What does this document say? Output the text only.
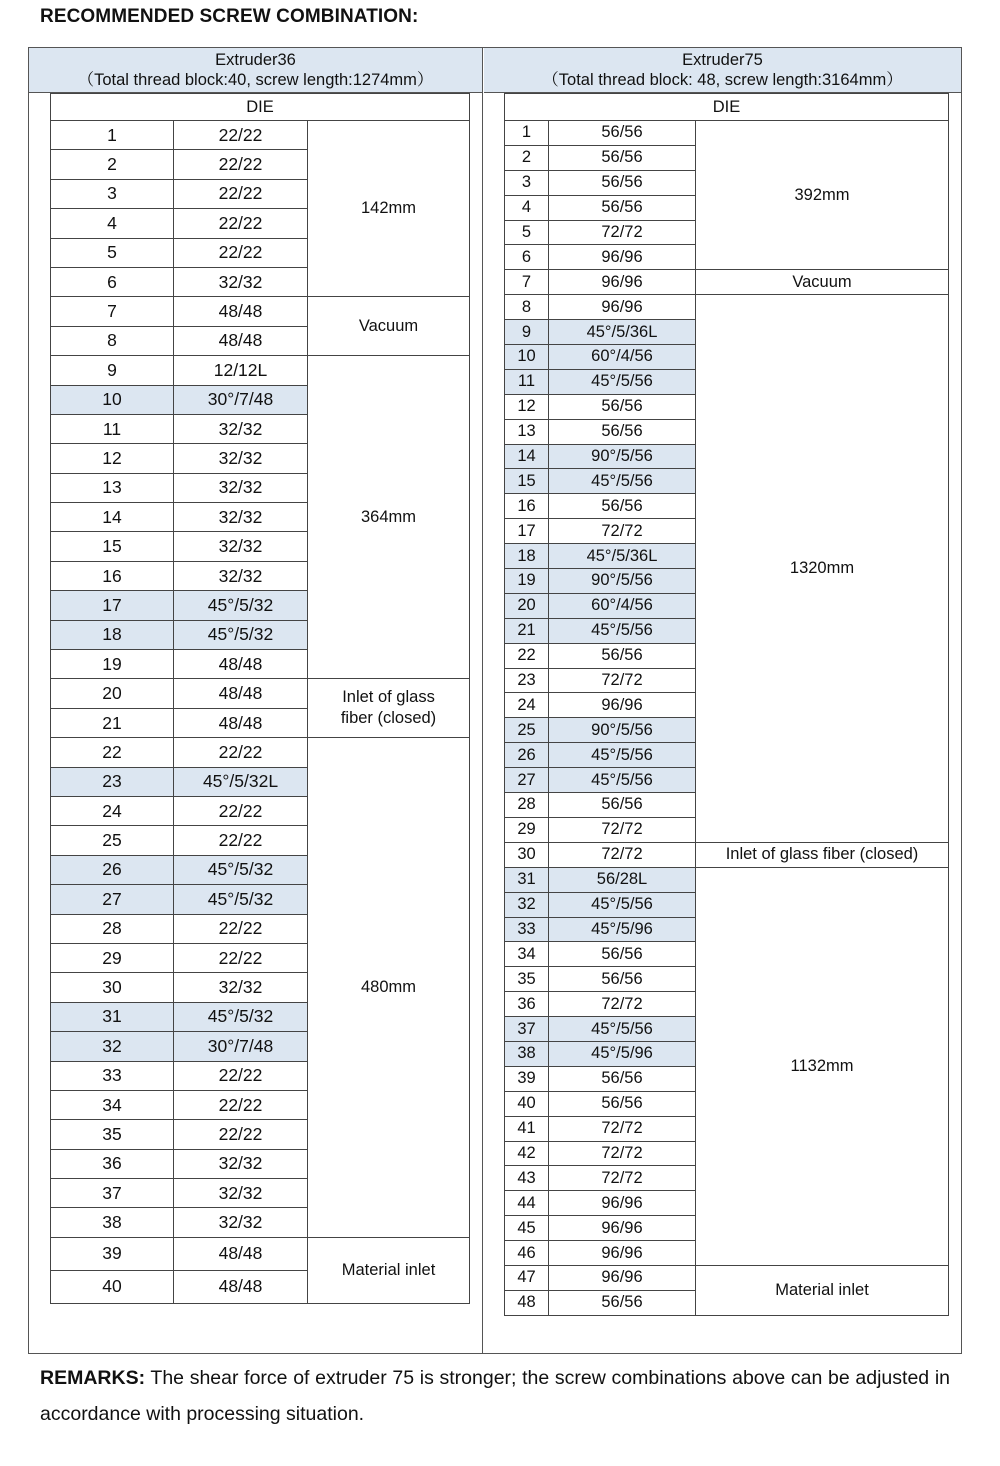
RECOMMENDED SCREW COMBINATION:
Extruder36
（Total thread block:40, screw length:1274mm）
Extruder75
（Total thread block: 48, screw length:3164mm）
DIE		
1	22/22	142mm
2	22/22	
3	22/22	
4	22/22	
5	22/22	
6	32/32	
7	48/48	Vacuum
8	48/48	
9	12/12L	364mm
10	30°/7/48	
11	32/32	
12	32/32	
13	32/32	
14	32/32	
15	32/32	
16	32/32	
17	45°/5/32	
18	45°/5/32	
19	48/48	
20	48/48	Inlet of glass fiber (closed)
21	48/48	
22	22/22	480mm
23	45°/5/32L	
24	22/22	
25	22/22	
26	45°/5/32	
27	45°/5/32	
28	22/22	
29	22/22	
30	32/32	
31	45°/5/32	
32	30°/7/48	
33	22/22	
34	22/22	
35	22/22	
36	32/32	
37	32/32	
38	32/32	
39	48/48	Material inlet
40	48/48	
DIE		
1	56/56	392mm
2	56/56	
3	56/56	
4	56/56	
5	72/72	
6	96/96	
7	96/96	Vacuum
8	96/96	1320mm
9	45°/5/36L	
10	60°/4/56	
11	45°/5/56	
12	56/56	
13	56/56	
14	90°/5/56	
15	45°/5/56	
16	56/56	
17	72/72	
18	45°/5/36L	
19	90°/5/56	
20	60°/4/56	
21	45°/5/56	
22	56/56	
23	72/72	
24	96/96	
25	90°/5/56	
26	45°/5/56	
27	45°/5/56	
28	56/56	
29	72/72	
30	72/72	Inlet of glass fiber (closed)
31	56/28L	1132mm
32	45°/5/56	
33	45°/5/96	
34	56/56	
35	56/56	
36	72/72	
37	45°/5/56	
38	45°/5/96	
39	56/56	
40	56/56	
41	72/72	
42	72/72	
43	72/72	
44	96/96	
45	96/96	
46	96/96	
47	96/96	Material inlet
48	56/56	
REMARKS: The shear force of extruder 75 is stronger; the screw combinations above can be adjusted in accordance with processing situation.
